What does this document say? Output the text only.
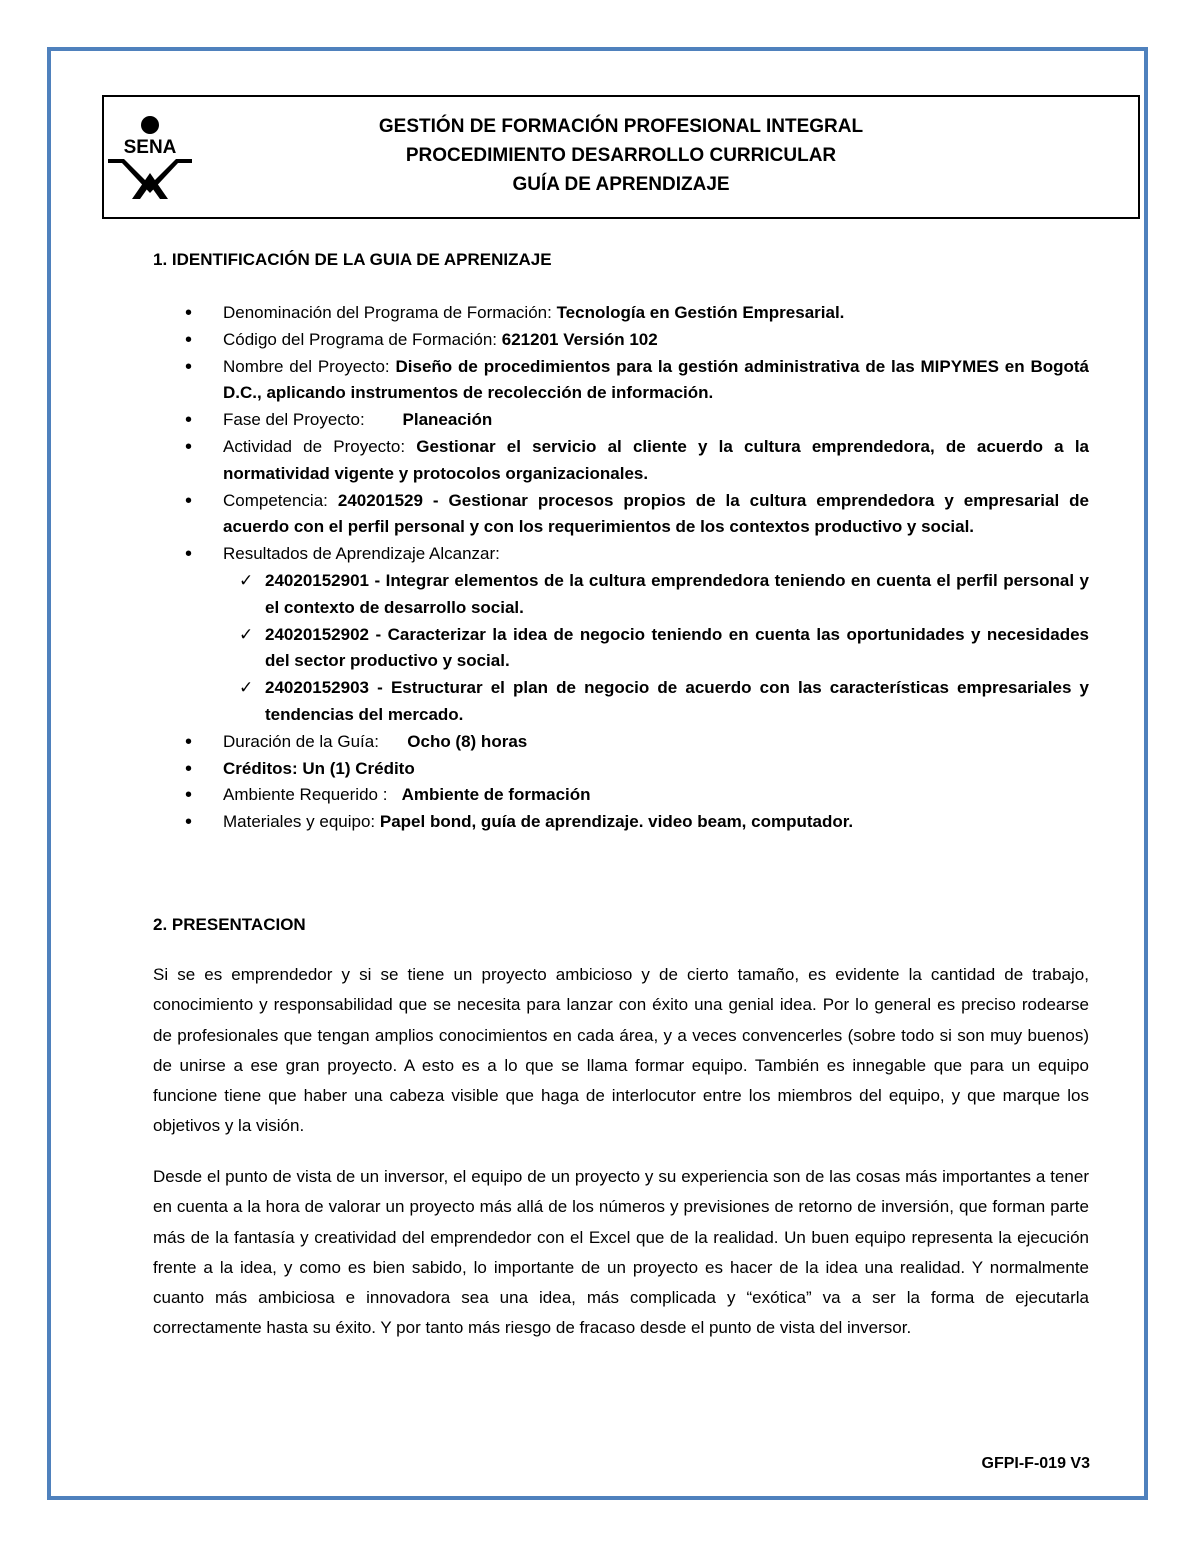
SENA
GESTIÓN DE FORMACIÓN PROFESIONAL INTEGRAL
PROCEDIMIENTO DESARROLLO CURRICULAR
GUÍA DE APRENDIZAJE
1. IDENTIFICACIÓN DE LA GUIA DE APRENIZAJE
• Denominación del Programa de Formación: Tecnología en Gestión Empresarial.
• Código del Programa de Formación: 621201 Versión 102
• Nombre del Proyecto: Diseño de procedimientos para la gestión administrativa de las MIPYMES en Bogotá D.C., aplicando instrumentos de recolección de información.
• Fase del Proyecto:        Planeación
• Actividad de Proyecto: Gestionar el servicio al cliente y la cultura emprendedora, de acuerdo a la normatividad vigente y protocolos organizacionales.
• Competencia: 240201529 - Gestionar procesos propios de la cultura emprendedora y empresarial de acuerdo con el perfil personal y con los requerimientos de los contextos productivo y social.
• Resultados de Aprendizaje Alcanzar:
✓ 24020152901 - Integrar elementos de la cultura emprendedora teniendo en cuenta el perfil personal y el contexto de desarrollo social.
✓ 24020152902 - Caracterizar la idea de negocio teniendo en cuenta las oportunidades y necesidades del sector productivo y social.
✓ 24020152903 - Estructurar el plan de negocio de acuerdo con las características empresariales y tendencias del mercado.
• Duración de la Guía:      Ocho (8) horas
• Créditos: Un (1) Crédito
• Ambiente Requerido :   Ambiente de formación
• Materiales y equipo: Papel bond, guía de aprendizaje. video beam, computador.
2. PRESENTACION

Si se es emprendedor y si se tiene un proyecto ambicioso y de cierto tamaño, es evidente la cantidad de trabajo, conocimiento y responsabilidad que se necesita para lanzar con éxito una genial idea. Por lo general es preciso rodearse de profesionales que tengan amplios conocimientos en cada área, y a veces convencerles (sobre todo si son muy buenos) de unirse a ese gran proyecto. A esto es a lo que se llama formar equipo. También es innegable que para un equipo funcione tiene que haber una cabeza visible que haga de interlocutor entre los miembros del equipo, y que marque los objetivos y la visión.

Desde el punto de vista de un inversor, el equipo de un proyecto y su experiencia son de las cosas más importantes a tener en cuenta a la hora de valorar un proyecto más allá de los números y previsiones de retorno de inversión, que forman parte más de la fantasía y creatividad del emprendedor con el Excel que de la realidad. Un buen equipo representa la ejecución frente a la idea, y como es bien sabido, lo importante de un proyecto es hacer de la idea una realidad. Y normalmente cuanto más ambiciosa e innovadora sea una idea, más complicada y “exótica” va a ser la forma de ejecutarla correctamente hasta su éxito. Y por tanto más riesgo de fracaso desde el punto de vista del inversor.

GFPI-F-019 V3
